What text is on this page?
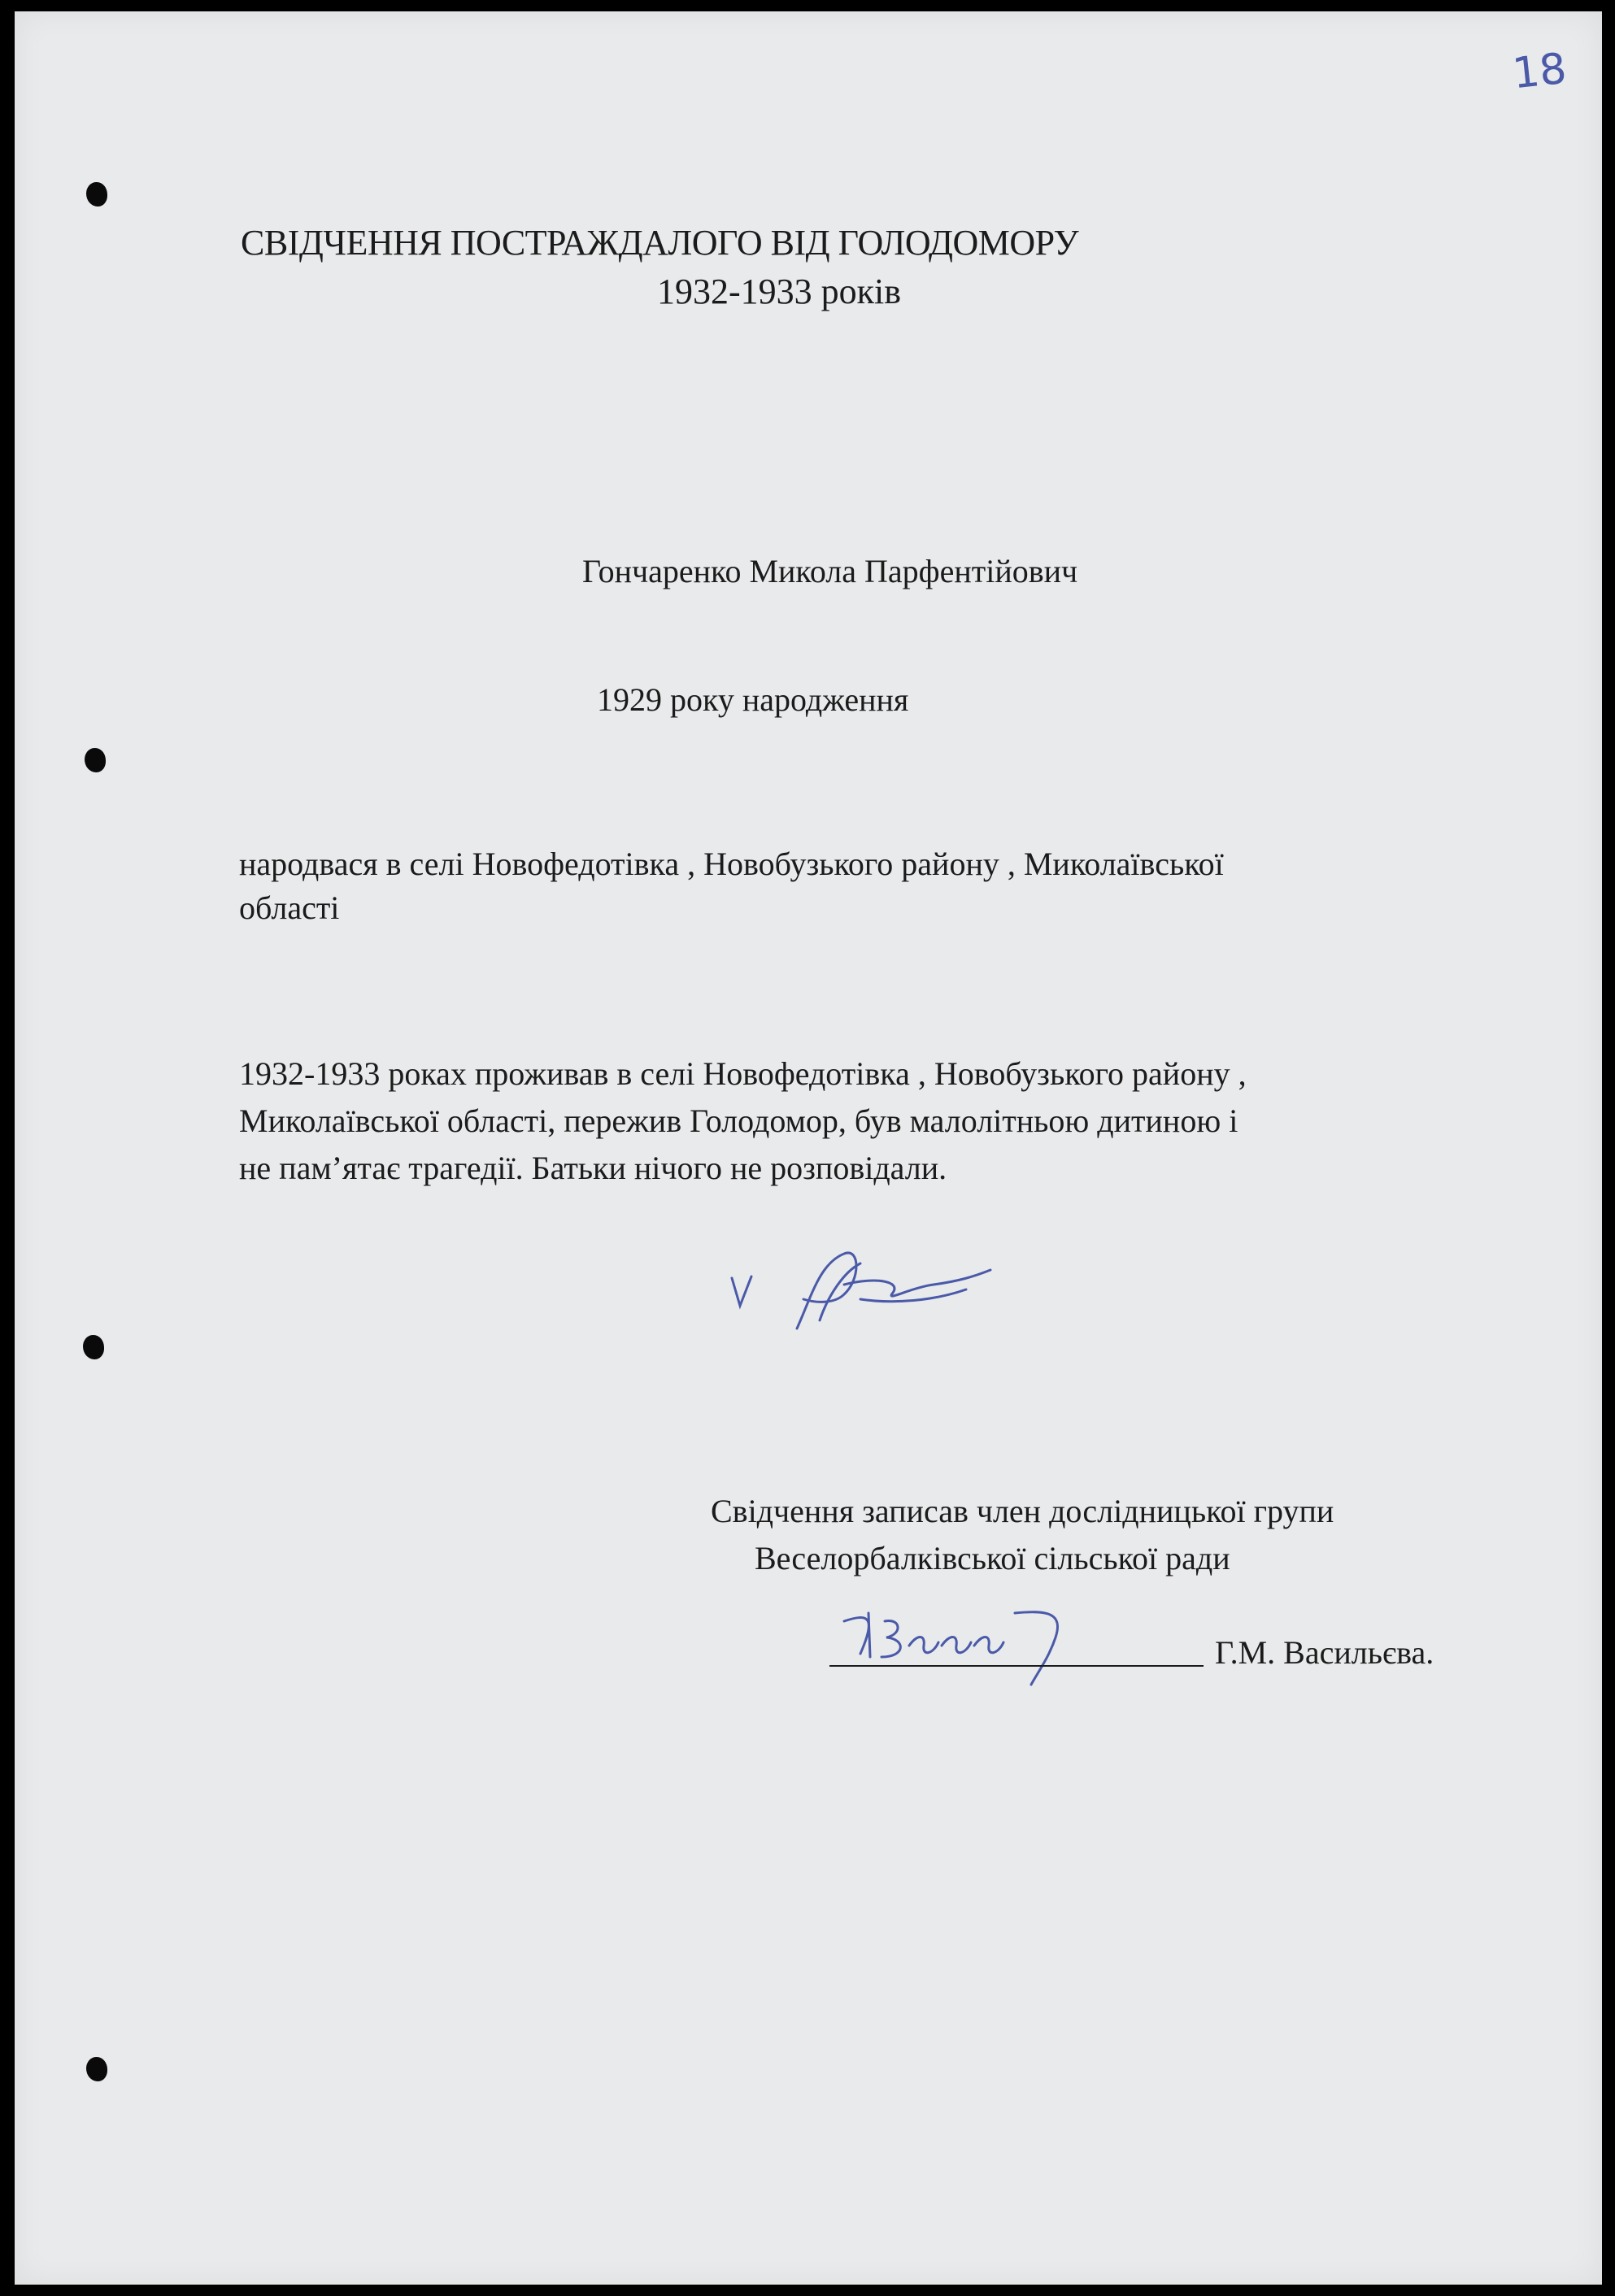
18
СВІДЧЕННЯ ПОСТРАЖДАЛОГО ВІД ГОЛОДОМОРУ
1932-1933 років
Гончаренко Микола Парфентійович
1929 року народження
народвася в селі Новофедотівка , Новобузького району , Миколаївської
області
1932-1933 роках проживав в селі Новофедотівка , Новобузького району ,
Миколаївської області, пережив Голодомор, був малолітньою дитиною і
не пам’ятає трагедії. Батьки нічого не розповідали.
Свідчення записав член дослідницької групи
Веселорбалківської сільської ради
Г.М. Васильєва.
